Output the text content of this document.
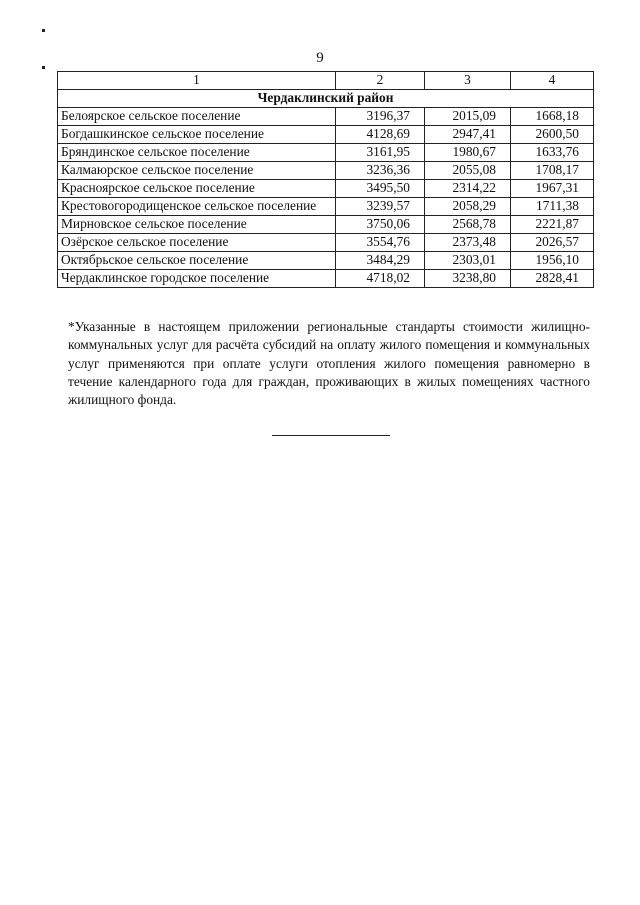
9
1	2	3	4
Чердаклинский район			
Белоярское сельское поселение	3196,37	2015,09	1668,18
Богдашкинское сельское поселение	4128,69	2947,41	2600,50
Бряндинское сельское поселение	3161,95	1980,67	1633,76
Калмаюрское сельское поселение	3236,36	2055,08	1708,17
Красноярское сельское поселение	3495,50	2314,22	1967,31
Крестовогородищенское сельское поселение	3239,57	2058,29	1711,38
Мирновское сельское поселение	3750,06	2568,78	2221,87
Озёрское сельское поселение	3554,76	2373,48	2026,57
Октябрьское сельское поселение	3484,29	2303,01	1956,10
Чердаклинское городское поселение	4718,02	3238,80	2828,41
*Указанные в настоящем приложении региональные стандарты стоимости жилищно-коммунальных услуг для расчёта субсидий на оплату жилого помещения и коммунальных услуг применяются при оплате услуги отопления жилого помещения равномерно в течение календарного года для граждан, проживающих в жилых помещениях частного жилищного фонда.
